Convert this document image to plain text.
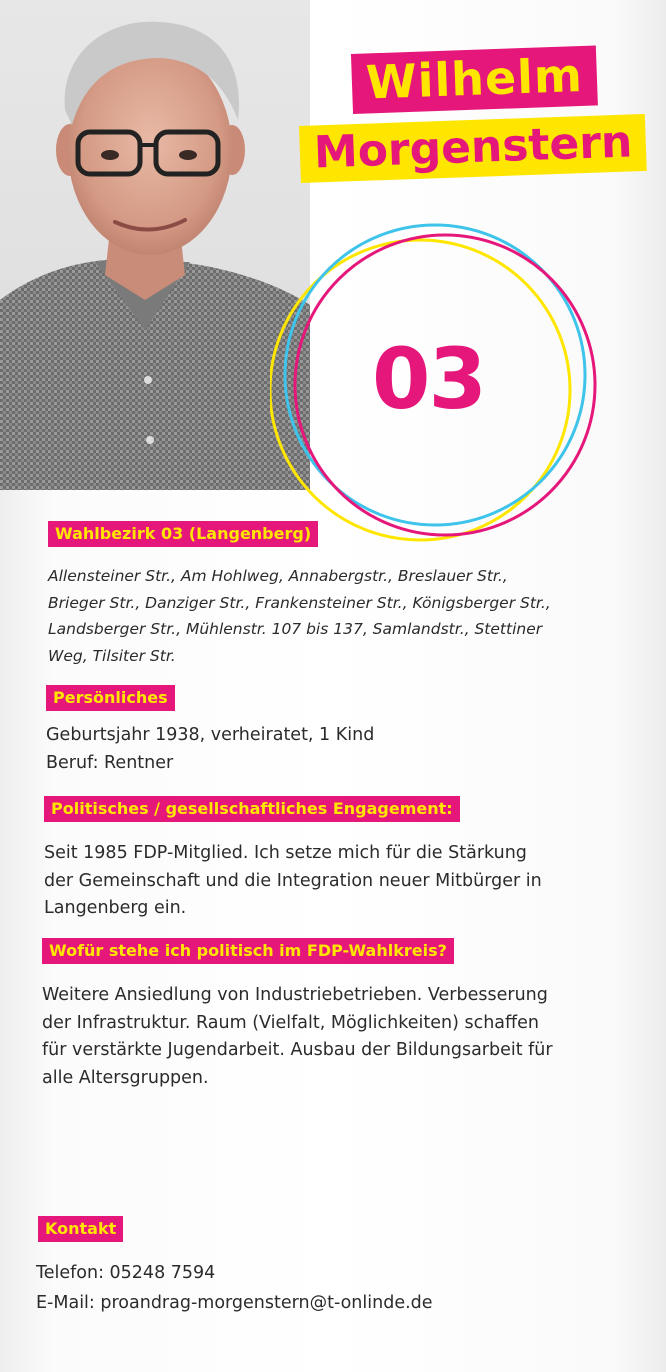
Wilhelm
Morgenstern
03
Wahlbezirk 03 (Langenberg)
Allensteiner Str., Am Hohlweg, Annabergstr., Breslauer Str.,
Brieger Str., Danziger Str., Frankensteiner Str., Königsberger Str.,
Landsberger Str., Mühlenstr. 107 bis 137, Samlandstr., Stettiner
Weg, Tilsiter Str.
Persönliches
Geburtsjahr 1938, verheiratet, 1 Kind
Beruf: Rentner
Politisches / gesellschaftliches Engagement:
Seit 1985 FDP-Mitglied. Ich setze mich für die Stärkung
der Gemeinschaft und die Integration neuer Mitbürger in
Langenberg ein.
Wofür stehe ich politisch im FDP-Wahlkreis?
Weitere Ansiedlung von Industriebetrieben. Verbesserung
der Infrastruktur. Raum (Vielfalt, Möglichkeiten) schaffen
für verstärkte Jugendarbeit. Ausbau der Bildungsarbeit für
alle Altersgruppen.
Kontakt
Telefon: 05248 7594
E-Mail: proandrag-morgenstern@t-onlinde.de
